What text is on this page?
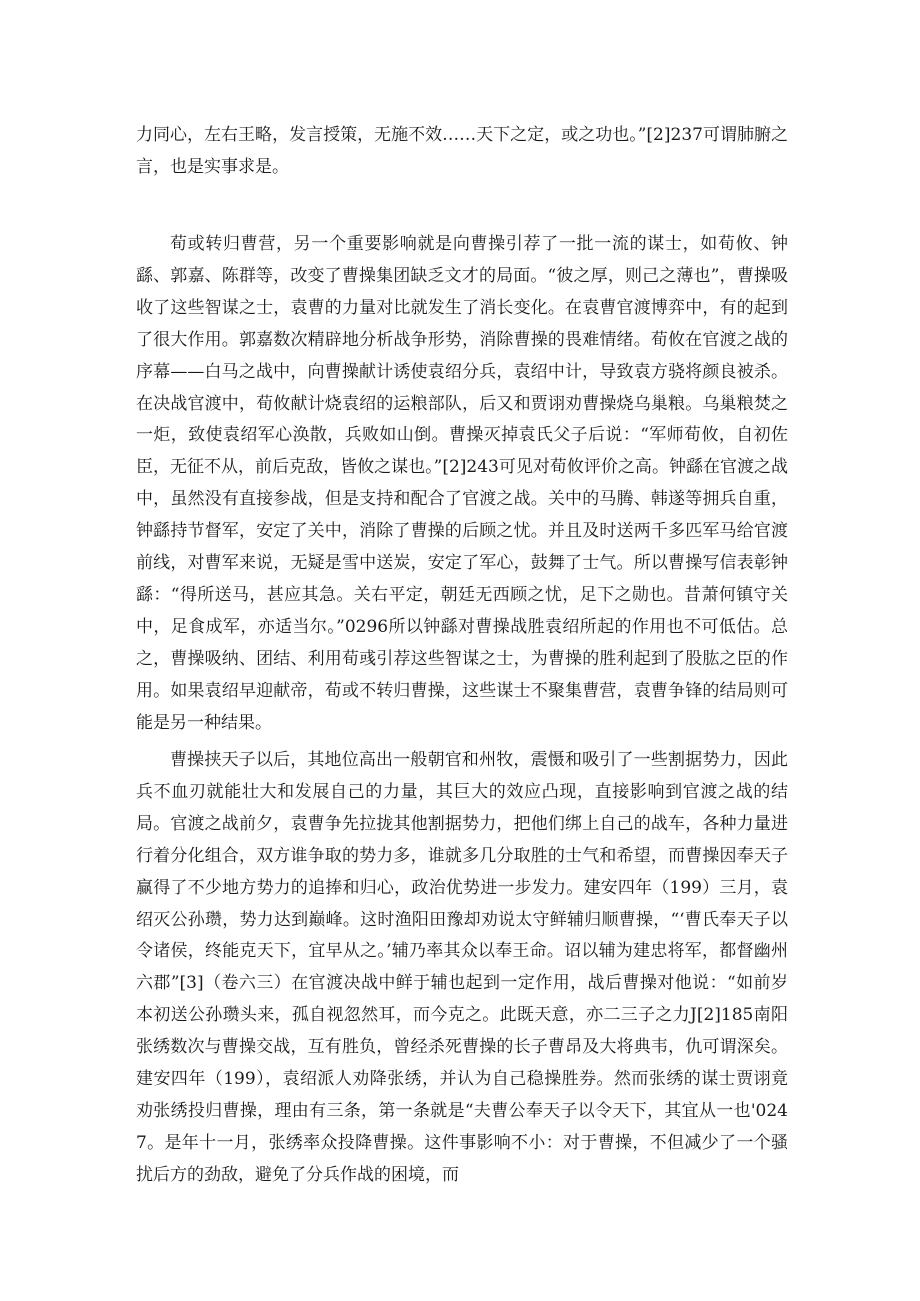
力同心，左右王略，发言授策，无施不效……天下之定，或之功也。”[2]237可谓肺腑之言，也是实事求是。

荀或转归曹营，另一个重要影响就是向曹操引荐了一批一流的谋士，如荀攸、钟繇、郭嘉、陈群等，改变了曹操集团缺乏文才的局面。“彼之厚，则己之薄也”，曹操吸收了这些智谋之士，袁曹的力量对比就发生了消长变化。在袁曹官渡博弈中，有的起到了很大作用。郭嘉数次精辟地分析战争形势，消除曹操的畏难情绪。荀攸在官渡之战的序幕——白马之战中，向曹操献计诱使袁绍分兵，袁绍中计，导致袁方骁将颜良被杀。在决战官渡中，荀攸献计烧袁绍的运粮部队，后又和贾诩劝曹操烧乌巢粮。乌巢粮焚之一炬，致使袁绍军心涣散，兵败如山倒。曹操灭掉袁氏父子后说：“军师荀攸，自初佐臣，无征不从，前后克敌，皆攸之谋也。”[2]243可见对荀攸评价之高。钟繇在官渡之战中，虽然没有直接参战，但是支持和配合了官渡之战。关中的马腾、韩遂等拥兵自重，钟繇持节督军，安定了关中，消除了曹操的后顾之忧。并且及时送两千多匹军马给官渡前线，对曹军来说，无疑是雪中送炭，安定了军心，鼓舞了士气。所以曹操写信表彰钟繇：“得所送马，甚应其急。关右平定，朝廷无西顾之忧，足下之勋也。昔萧何镇守关中，足食成军，亦适当尔。”0296所以钟繇对曹操战胜袁绍所起的作用也不可低估。总之，曹操吸纳、团结、利用荀彧引荐这些智谋之士，为曹操的胜利起到了股肱之臣的作用。如果袁绍早迎献帝，荀或不转归曹操，这些谋士不聚集曹营，袁曹争锋的结局则可能是另一种结果。

曹操挟天子以后，其地位高出一般朝官和州牧，震慑和吸引了一些割据势力，因此兵不血刃就能壮大和发展自己的力量，其巨大的效应凸现，直接影响到官渡之战的结局。官渡之战前夕，袁曹争先拉拢其他割据势力，把他们绑上自己的战车，各种力量进行着分化组合，双方谁争取的势力多，谁就多几分取胜的士气和希望，而曹操因奉天子赢得了不少地方势力的追捧和归心，政治优势进一步发力。建安四年（199）三月，袁绍灭公孙瓒，势力达到巅峰。这时渔阳田豫却劝说太守鲜辅归顺曹操，“‘曹氏奉天子以令诸侯，终能克天下，宜早从之。’辅乃率其众以奉王命。诏以辅为建忠将军，都督幽州六郡”[3]（卷六三）在官渡决战中鲜于辅也起到一定作用，战后曹操对他说：“如前岁本初送公孙瓒头来，孤自视忽然耳，而今克之。此既天意，亦二三子之力J[2]185南阳张绣数次与曹操交战，互有胜负，曾经杀死曹操的长子曹昂及大将典韦，仇可谓深矣。建安四年（199），袁绍派人劝降张绣，并认为自己稳操胜券。然而张绣的谋士贾诩竟劝张绣投归曹操，理由有三条，第一条就是“夫曹公奉天子以令天下，其宜从一也'0247。是年十一月，张绣率众投降曹操。这件事影响不小：对于曹操，不但减少了一个骚扰后方的劲敌，避免了分兵作战的困境，而
